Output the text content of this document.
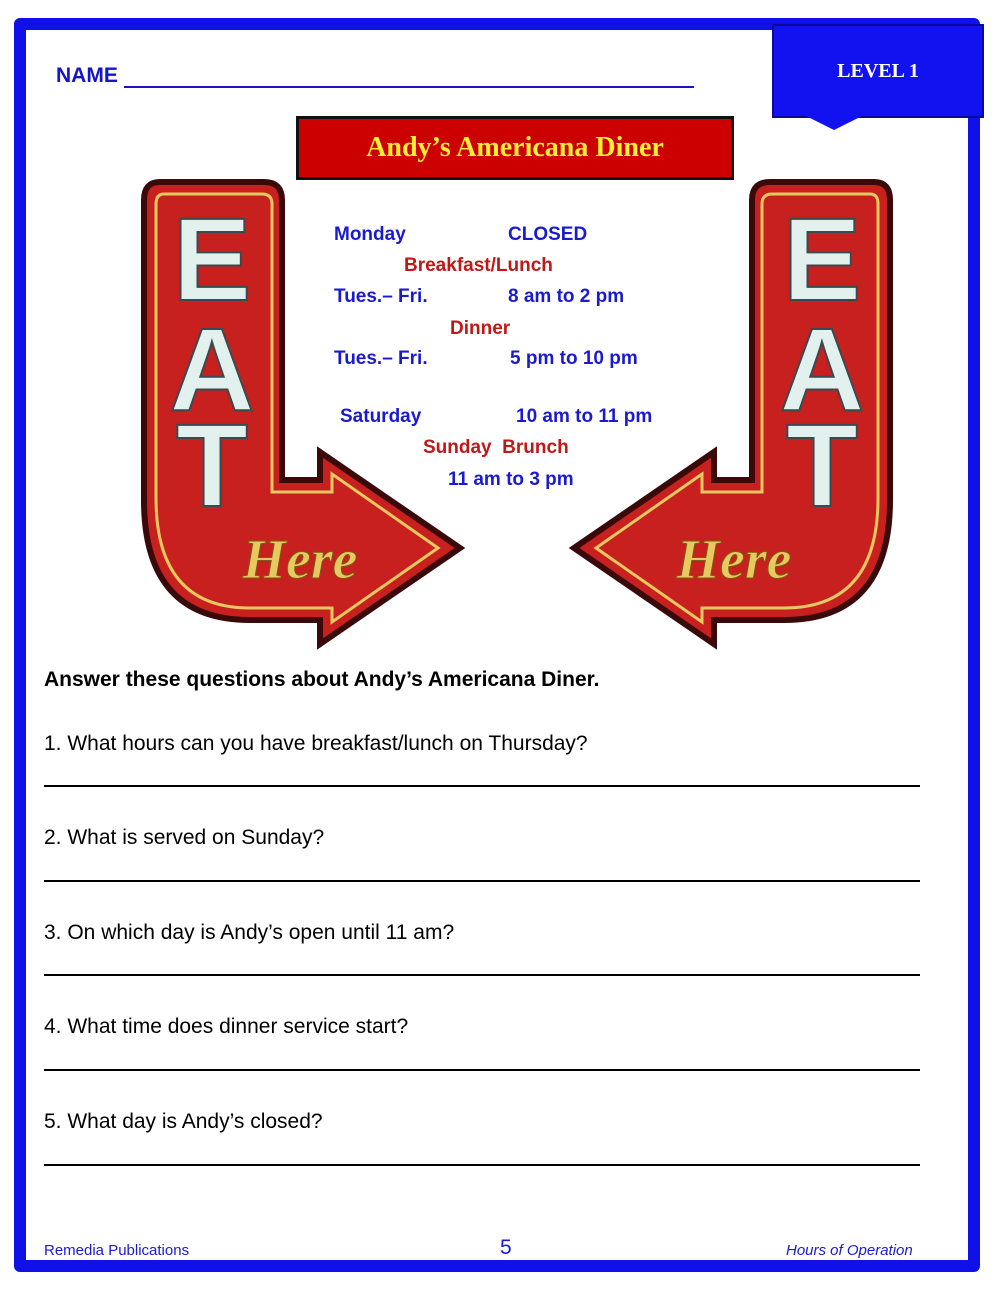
NAME	LEVEL 1
Andy’s Americana Diner
E
A
T
Here
E
A
T
Here
Monday	CLOSED
Breakfast/Lunch
Tues.– Fri.	8 am to 2 pm
Dinner
Tues.– Fri.	5 pm to 10 pm
Saturday	10 am to 11 pm
Sunday  Brunch
11 am to 3 pm
Answer these questions about Andy’s Americana Diner.
1. What hours can you have breakfast/lunch on Thursday?
2. What is served on Sunday?
3. On which day is Andy’s open until 11 am?
4. What time does dinner service start?
5. What day is Andy’s closed?
Remedia Publications	5	Hours of Operation
